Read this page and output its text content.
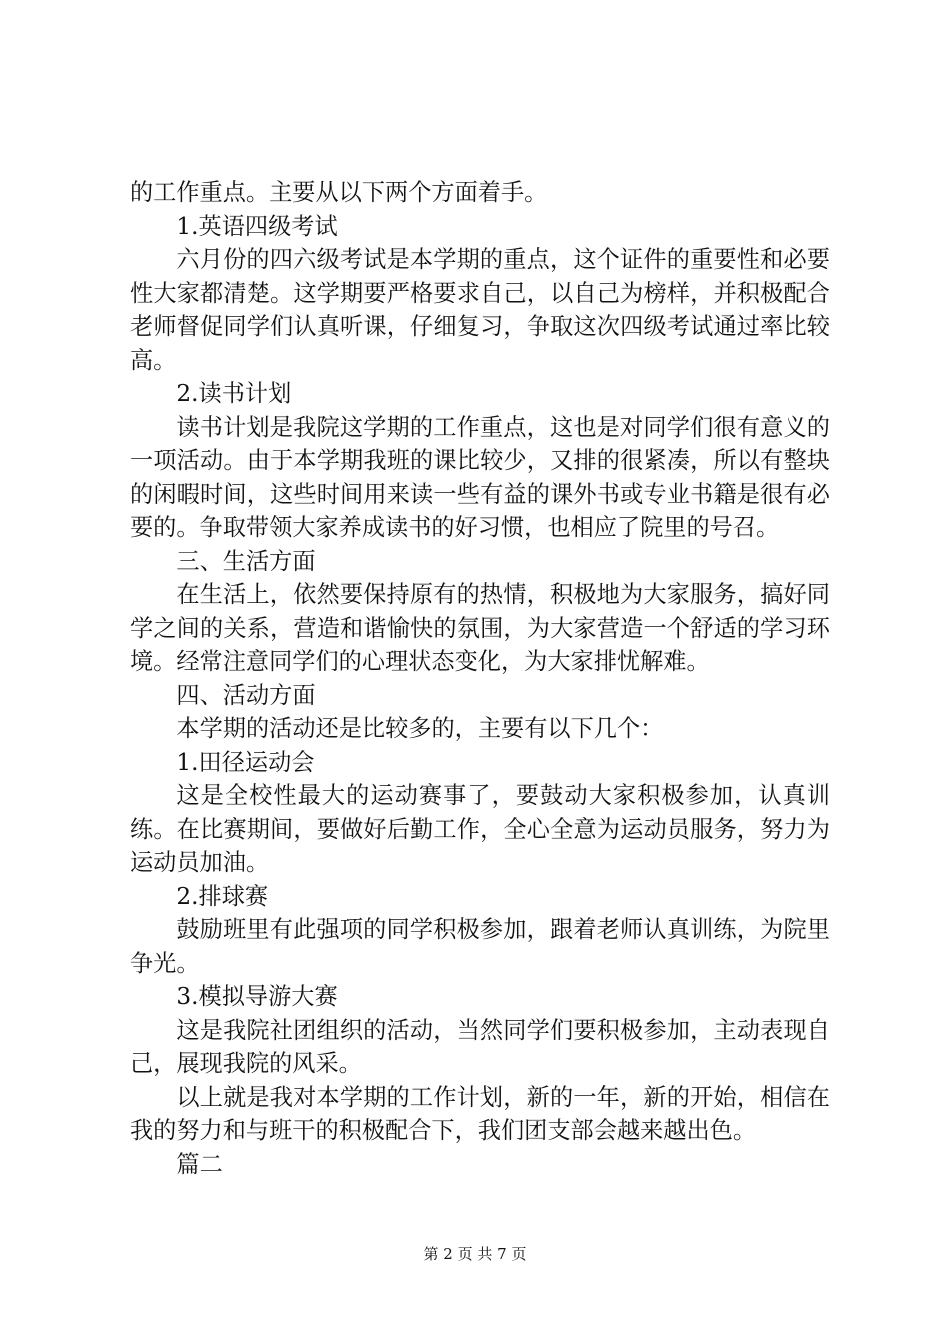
的工作重点。主要从以下两个方面着手。

1.英语四级考试

六月份的四六级考试是本学期的重点，这个证件的重要性和必要性大家都清楚。这学期要严格要求自己，以自己为榜样，并积极配合老师督促同学们认真听课，仔细复习，争取这次四级考试通过率比较高。

2.读书计划

读书计划是我院这学期的工作重点，这也是对同学们很有意义的一项活动。由于本学期我班的课比较少，又排的很紧凑，所以有整块的闲暇时间，这些时间用来读一些有益的课外书或专业书籍是很有必要的。争取带领大家养成读书的好习惯，也相应了院里的号召。

三、生活方面

在生活上，依然要保持原有的热情，积极地为大家服务，搞好同学之间的关系，营造和谐愉快的氛围，为大家营造一个舒适的学习环境。经常注意同学们的心理状态变化，为大家排忧解难。

四、活动方面

本学期的活动还是比较多的，主要有以下几个：

1.田径运动会

这是全校性最大的运动赛事了，要鼓动大家积极参加，认真训练。在比赛期间，要做好后勤工作，全心全意为运动员服务，努力为运动员加油。

2.排球赛

鼓励班里有此强项的同学积极参加，跟着老师认真训练，为院里争光。

3.模拟导游大赛

这是我院社团组织的活动，当然同学们要积极参加，主动表现自己，展现我院的风采。

以上就是我对本学期的工作计划，新的一年，新的开始，相信在我的努力和与班干的积极配合下，我们团支部会越来越出色。

篇二

第 2 页 共 7 页
